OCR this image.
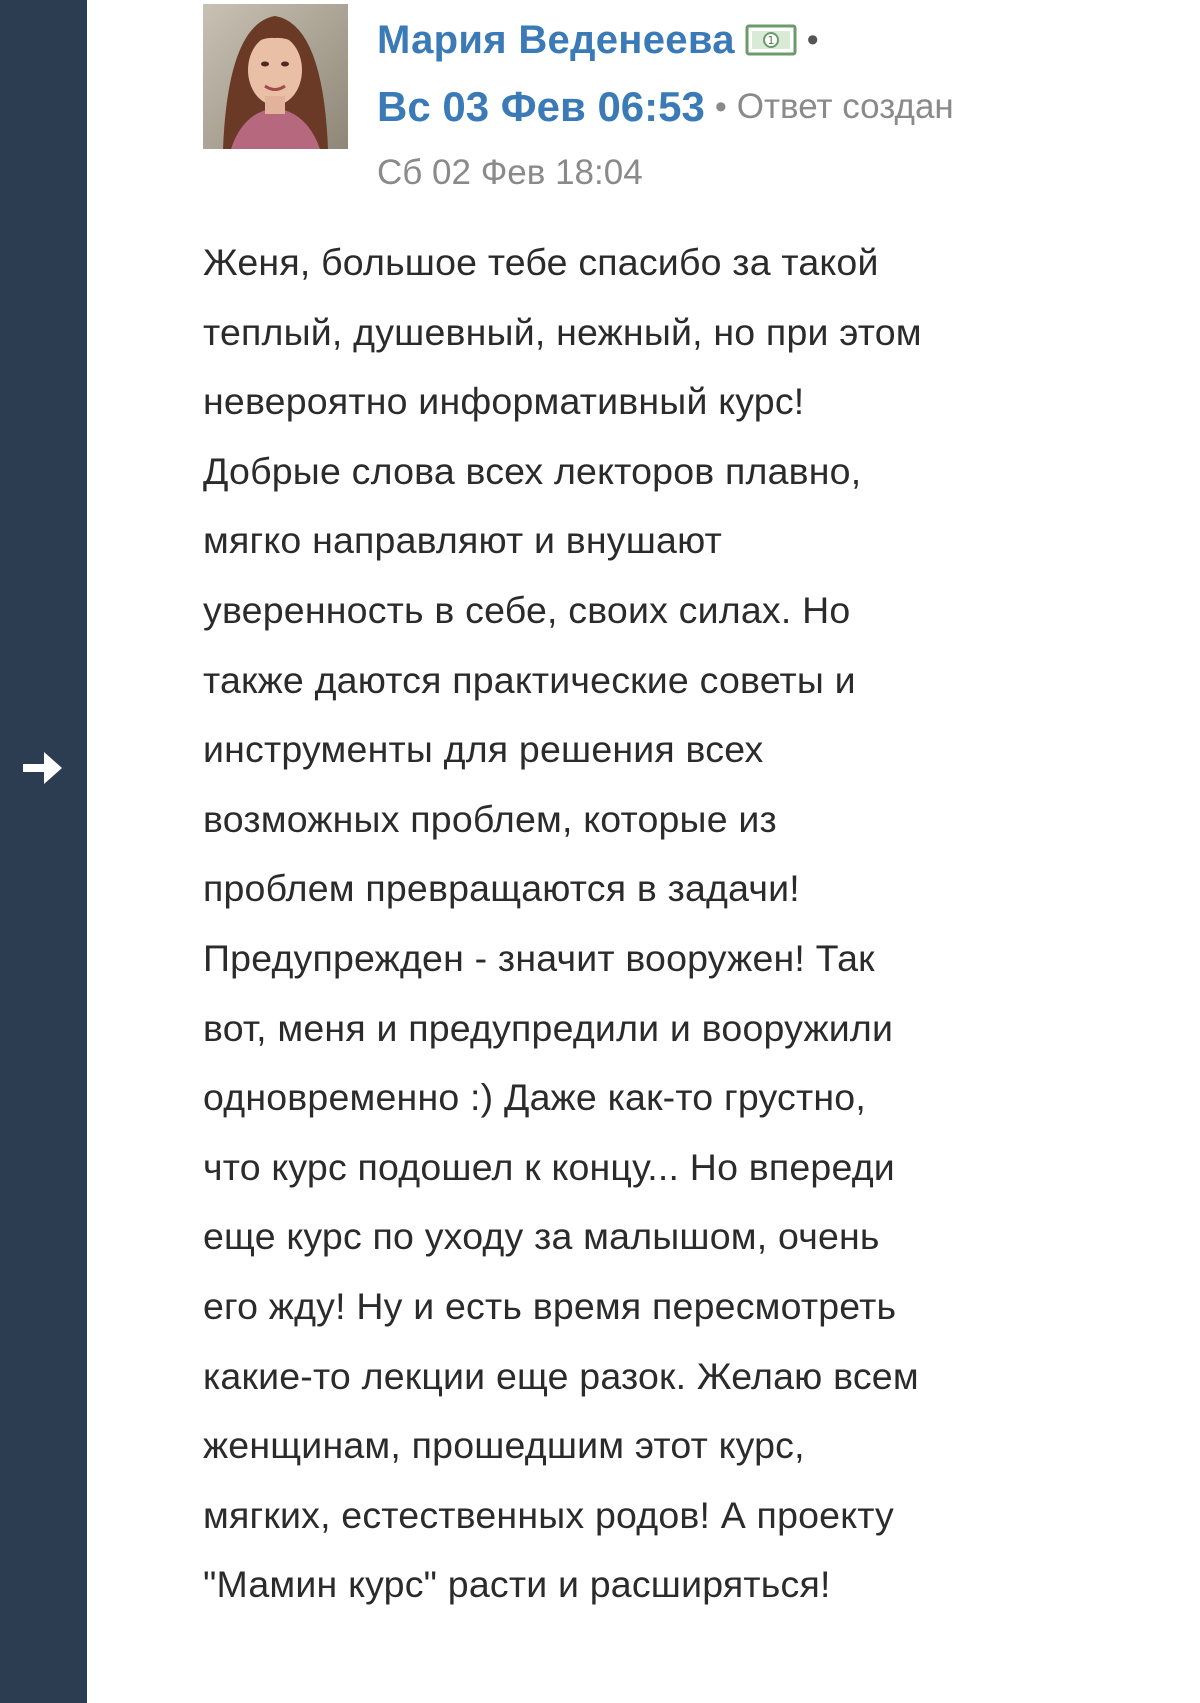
Мария Веденеева	1 •
Вс 03 Фев 06:53 • Ответ создан
Сб 02 Фев 18:04
Женя, большое тебе спасибо за такой
теплый, душевный, нежный, но при этом
невероятно информативный курс!
Добрые слова всех лекторов плавно,
мягко направляют и внушают
уверенность в себе, своих силах. Но
также даются практические советы и
инструменты для решения всех
возможных проблем, которые из
проблем превращаются в задачи!
Предупрежден - значит вооружен! Так
вот, меня и предупредили и вооружили
одновременно :) Даже как-то грустно,
что курс подошел к концу... Но впереди
еще курс по уходу за малышом, очень
его жду! Ну и есть время пересмотреть
какие-то лекции еще разок. Желаю всем
женщинам, прошедшим этот курс,
мягких, естественных родов! А проекту
"Мамин курс" расти и расширяться!
